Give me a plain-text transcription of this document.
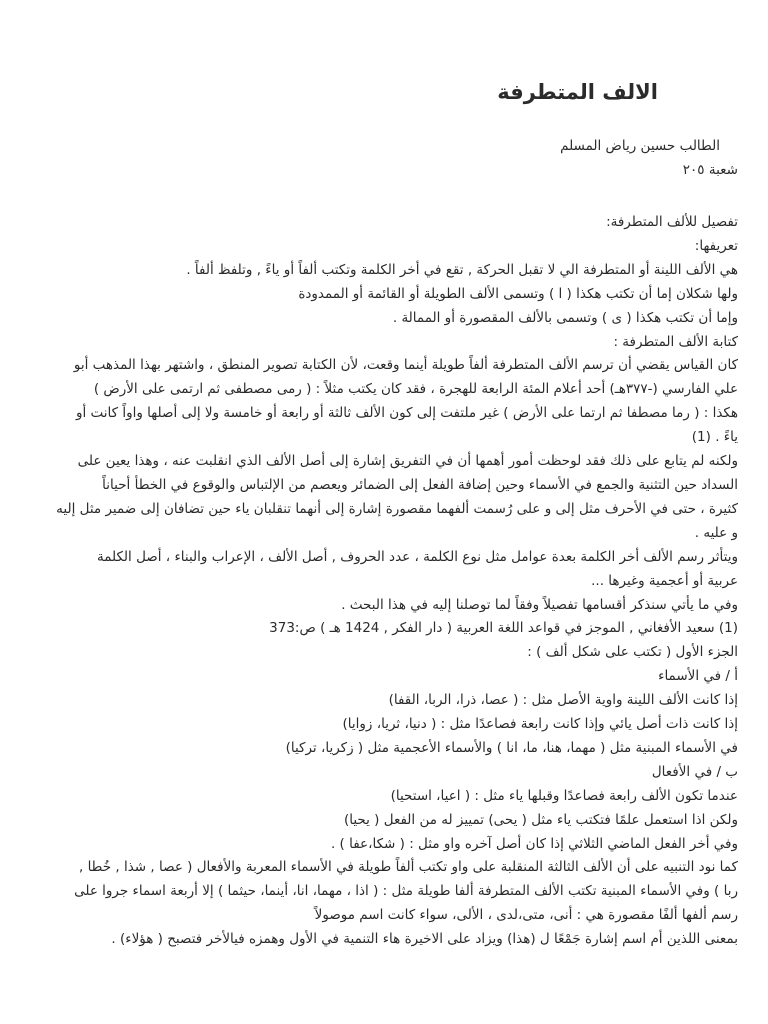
الالف المتطرفة
الطالب حسين رياض المسلم
شعبة ٢٠٥
تفصيل للألف المتطرفة:
تعريفها:
هي الألف اللينة أو المتطرفة الي لا تقبل الحركة , تقع في أخر الكلمة وتكتب ألفاً أو ياءً , وتلفظ ألفاً .
ولها شكلان إما أن تكتب هكذا ( ا ) وتسمى الألف الطويلة أو القائمة أو الممدودة
وإما أن تكتب هكذا ( ى ) وتسمى بالألف المقصورة أو الممالة .
كتابة الألف المتطرفة :
كان القياس يقضي أن ترسم الألف المتطرفة ألفاً طويلة أينما وقعت، لأن الكتابة تصوير المنطق ، واشتهر بهذا المذهب أبو
علي الفارسي (-٣٧٧هـ) أحد أعلام المئة الرابعة للهجرة ، فقد كان يكتب مثلاً : ( رمى مصطفى ثم ارتمى على الأرض )
هكذا : ( رما مصطفا ثم ارتما على الأرض ) غير ملتفت إلى كون الألف ثالثة أو رابعة أو خامسة ولا إلى أصلها واواً كانت أو
ياءً . (1)
ولكنه لم يتابع على ذلك فقد لوحظت أمور أهمها أن في التفريق إشارة إلى أصل الألف الذي انقلبت عنه ، وهذا يعين على
السداد حين التثنية والجمع في الأسماء وحين إضافة الفعل إلى الضمائر ويعصم من الإلتباس والوقوع في الخطأ أحياناً
كثيرة ، حتى في الأحرف مثل إلى و على رُسمت ألفهما مقصورة إشارة إلى أنهما تنقلبان ياء حين تضافان إلى ضمير مثل إليه
و عليه .
ويتأثر رسم الألف أخر الكلمة بعدة عوامل مثل نوع الكلمة ، عدد الحروف , أصل الألف ، الإعراب والبناء ، أصل الكلمة
عربية أو أعجمية وغيرها ...
وفي ما يأتي سنذكر أقسامها تفصيلاً وفقاً لما توصلنا إليه في هذا البحث .
(1) سعيد الأفغاني , الموجز في قواعد اللغة العربية ( دار الفكر , 1424 هـ ) ص:373
الجزء الأول ( تكتب على شكل ألف ) :
أ / في الأسماء
إذا كانت الألف اللينة واوية الأصل مثل : ( عصا، ذرا، الربا، القفا)
إذا كانت ذات أصل يائي وإذا كانت رابعة فصاعدًا مثل : ( دنيا، ثريا، زوايا)
في الأسماء المبنية مثل ( مهما، هنا، ما، انا ) والأسماء الأعجمية مثل ( زكريا، تركيا)
ب / في الأفعال
عندما تكون الألف رابعة فصاعدًا وقبلها ياء مثل : ( اعيا، استحيا)
ولكن اذا استعمل علمًا فتكتب ياء مثل ( يحى) تمييز له من الفعل ( يحيا)
وفي أخر الفعل الماضي الثلاثي إذا كان أصل آخره واو مثل : ( شكا،عفا ) .
كما نود التنبيه على أن الألف الثالثة المنقلبة على واو تكتب ألفاً طويلة في الأسماء المعربة والأفعال ( عصا , شذا , خُطا ,
ربا ) وفي الأسماء المبنية تكتب الألف المتطرفة ألفا طويلة مثل : ( اذا ، مهما، انا، أينما، حيثما ) إلا أربعة اسماء جروا على
رسم ألفها ألفًا مقصورة هي : أنى، متى،لدى ، الألى، سواء كانت اسم موصولاً
بمعنى اللذين أم اسم إشارة جَمْعًا ل (هذا) ويزاد على الاخيرة هاء التنمية في الأول وهمزه فيالأخر فتصبح ( هؤلاء) .
